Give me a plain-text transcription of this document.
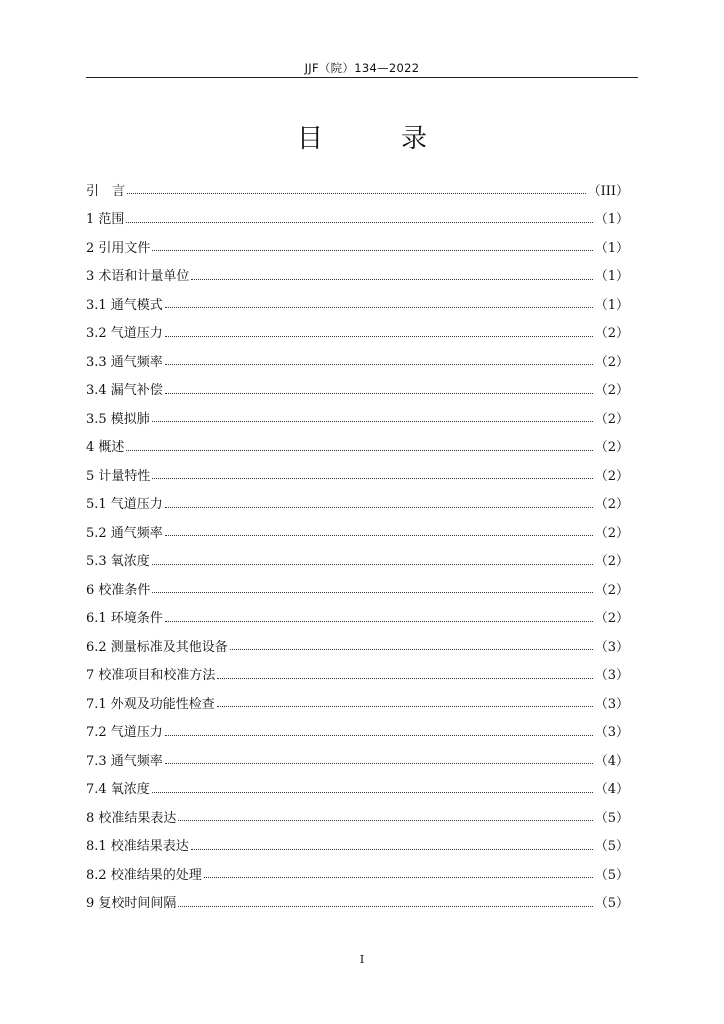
JJF（院）134—2022
目　录
引　言	（III）
1 范围	（1）
2 引用文件	（1）
3 术语和计量单位	（1）
3.1 通气模式	（1）
3.2 气道压力	（2）
3.3 通气频率	（2）
3.4 漏气补偿	（2）
3.5 模拟肺	（2）
4 概述	（2）
5 计量特性	（2）
5.1 气道压力	（2）
5.2 通气频率	（2）
5.3 氧浓度	（2）
6 校准条件	（2）
6.1 环境条件	（2）
6.2 测量标准及其他设备	（3）
7 校准项目和校准方法	（3）
7.1 外观及功能性检查	（3）
7.2 气道压力	（3）
7.3 通气频率	（4）
7.4 氧浓度	（4）
8 校准结果表达	（5）
8.1 校准结果表达	（5）
8.2 校准结果的处理	（5）
9 复校时间间隔	（5）
I
